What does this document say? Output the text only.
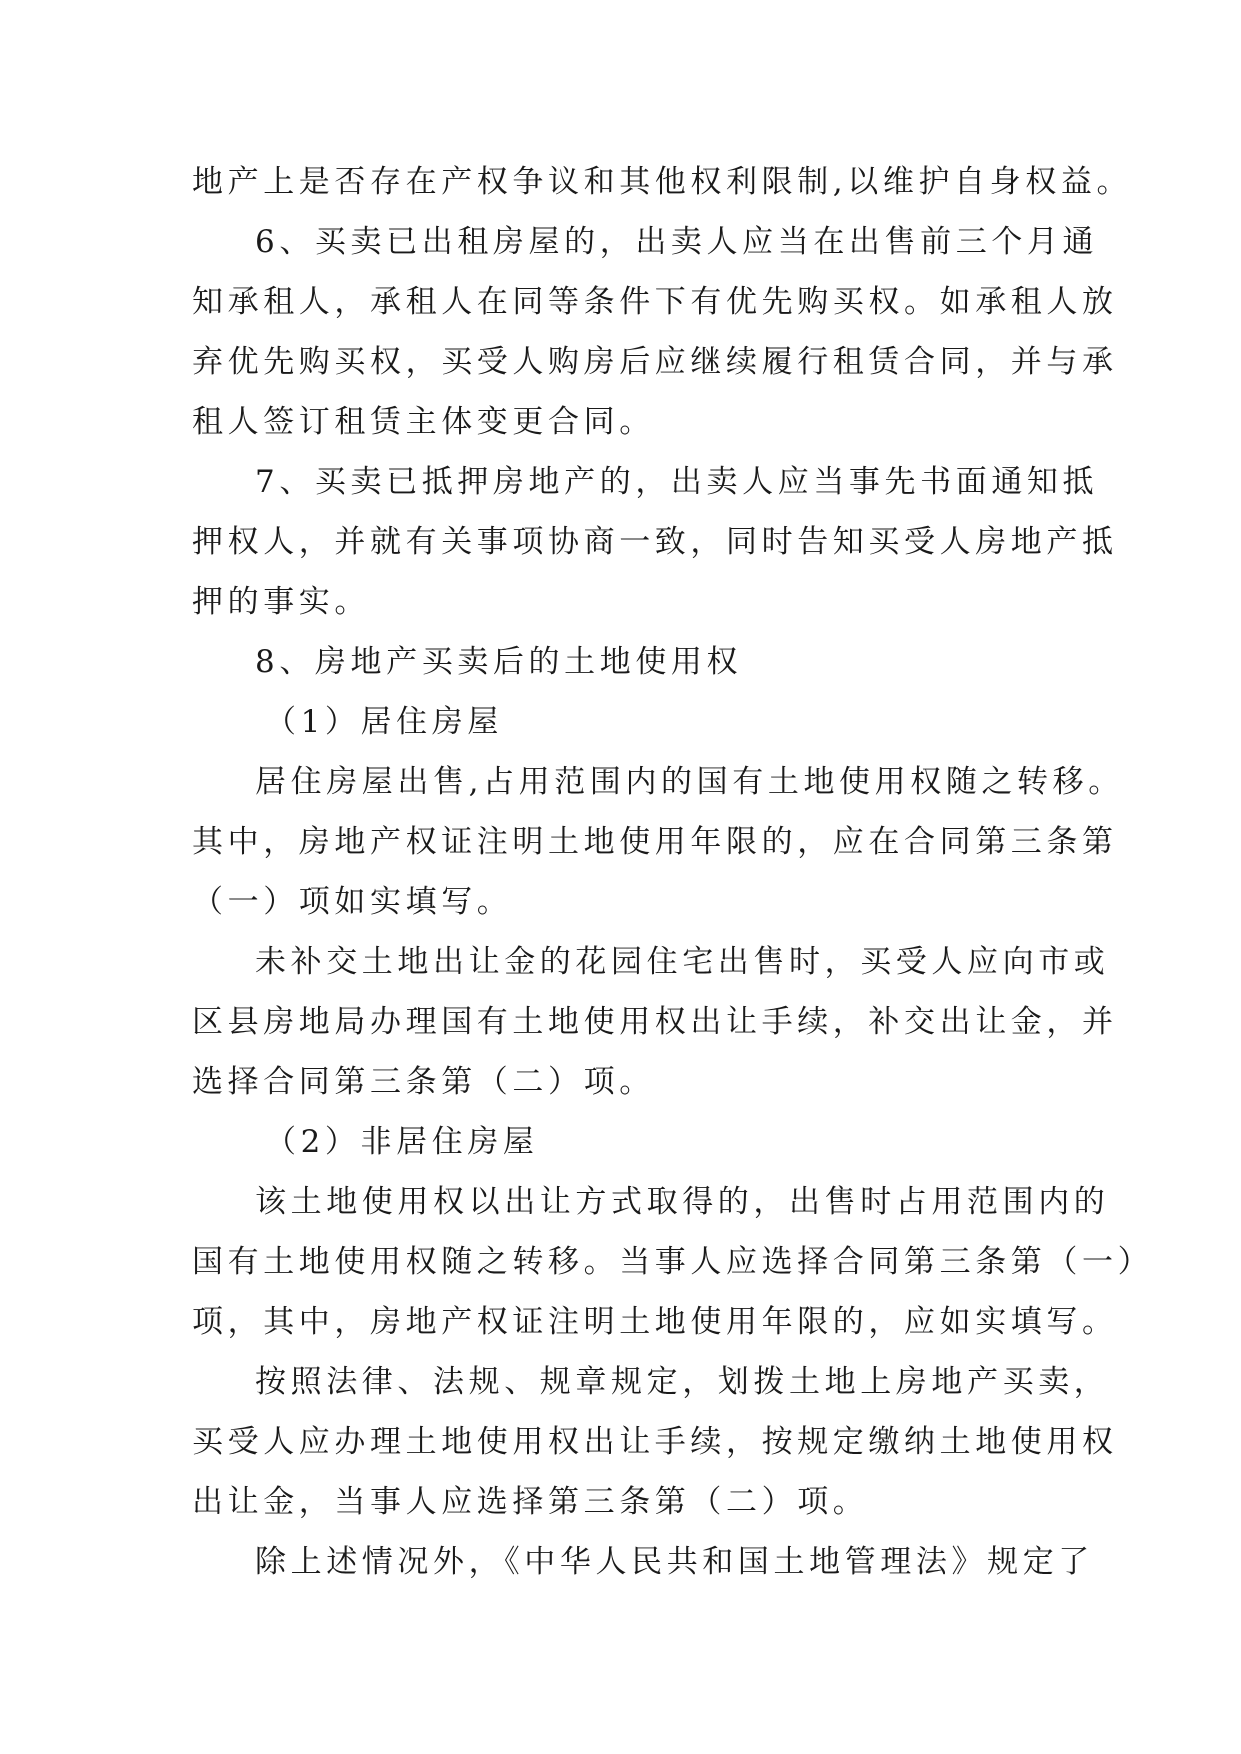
地产上是否存在产权争议和其他权利限制,以维护自身权益。
6、买卖已出租房屋的，出卖人应当在出售前三个月通
知承租人，承租人在同等条件下有优先购买权。如承租人放
弃优先购买权，买受人购房后应继续履行租赁合同，并与承
租人签订租赁主体变更合同。
7、买卖已抵押房地产的，出卖人应当事先书面通知抵
押权人，并就有关事项协商一致，同时告知买受人房地产抵
押的事实。
8、房地产买卖后的土地使用权
（1）居住房屋
居住房屋出售,占用范围内的国有土地使用权随之转移。
其中，房地产权证注明土地使用年限的，应在合同第三条第
（一）项如实填写。
未补交土地出让金的花园住宅出售时，买受人应向市或
区县房地局办理国有土地使用权出让手续，补交出让金，并
选择合同第三条第（二）项。
（2）非居住房屋
该土地使用权以出让方式取得的，出售时占用范围内的
国有土地使用权随之转移。当事人应选择合同第三条第（一）
项，其中，房地产权证注明土地使用年限的，应如实填写。
按照法律、法规、规章规定，划拨土地上房地产买卖，
买受人应办理土地使用权出让手续，按规定缴纳土地使用权
出让金，当事人应选择第三条第（二）项。
除上述情况外，《中华人民共和国土地管理法》规定了
